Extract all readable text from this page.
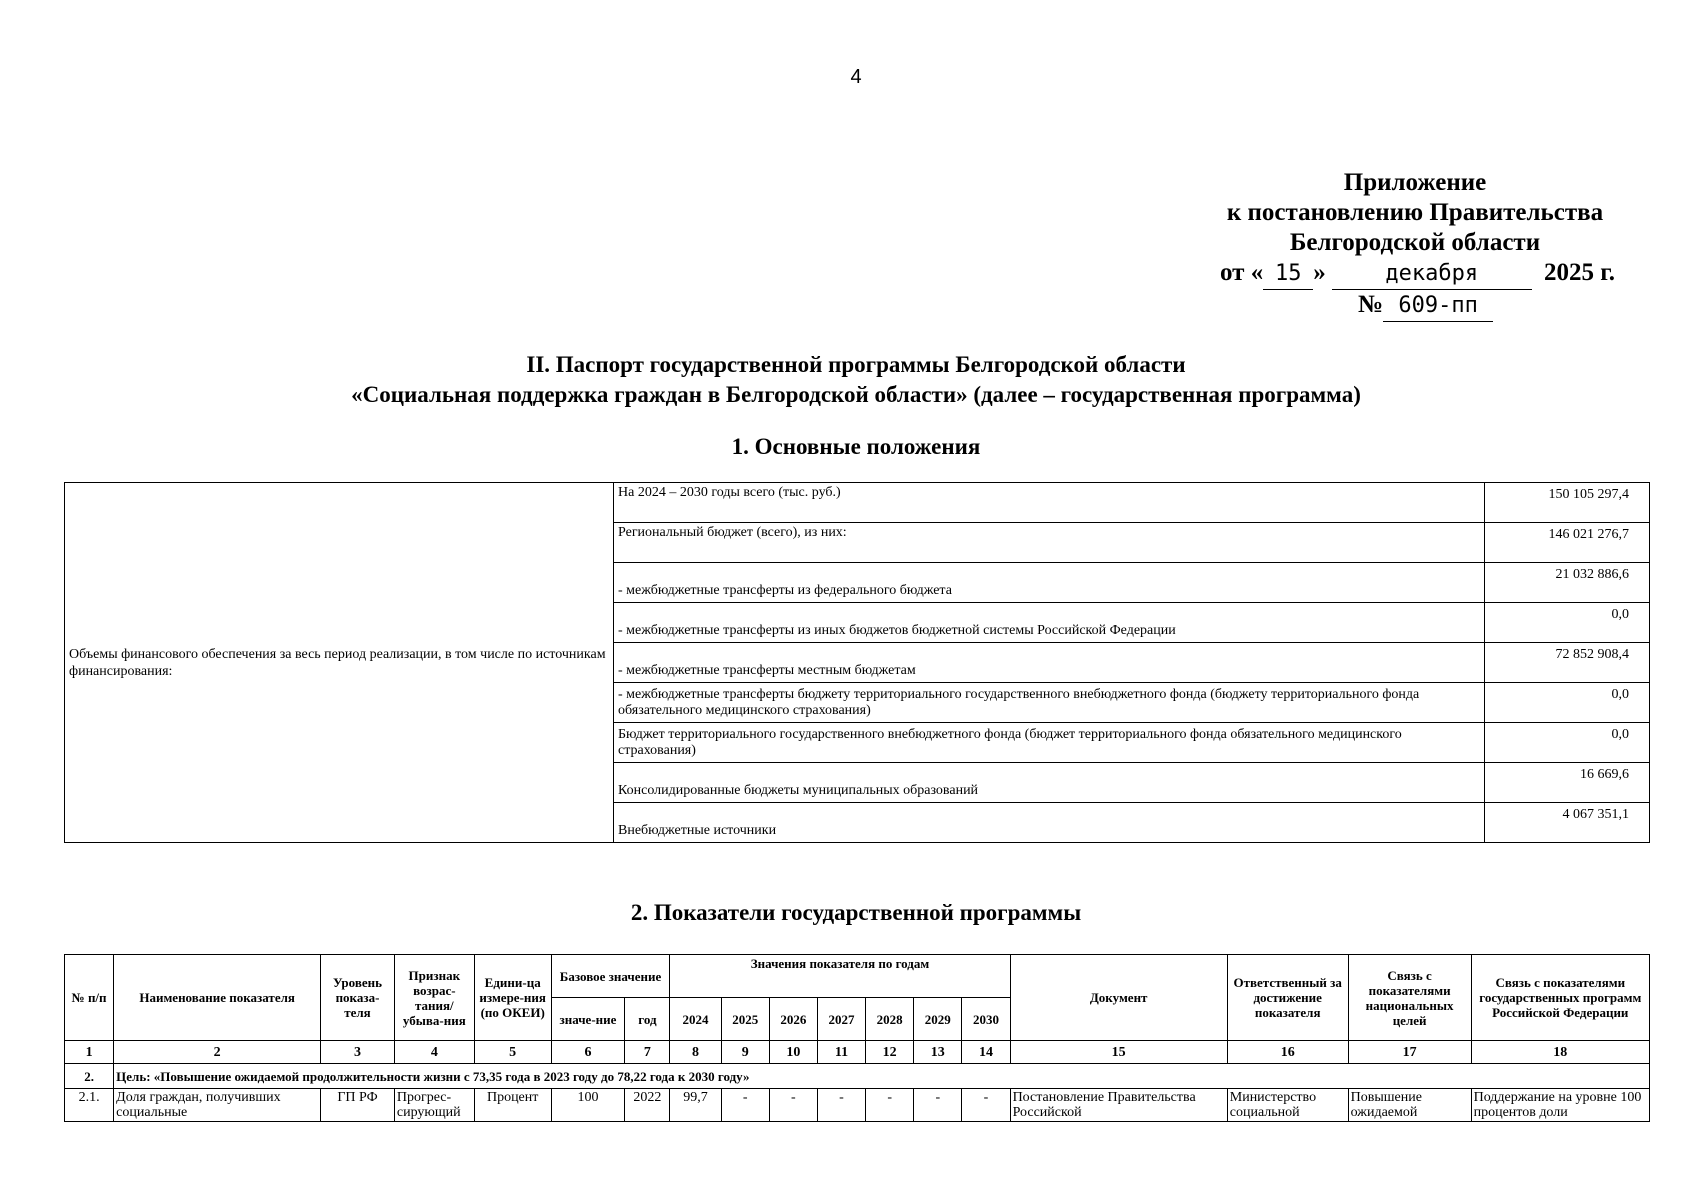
4
Приложение
к постановлению Правительства
Белгородской области
от « 15 »	декабря	2025 г.
№ 609-пп
II. Паспорт государственной программы Белгородской области
«Социальная поддержка граждан в Белгородской области» (далее – государственная программа)
1. Основные положения
Объемы финансового обеспечения за весь период реализации, в том числе по источникам финансирования:	На 2024 – 2030 годы всего (тыс. руб.)	150 105 297,4

	Региональный бюджет (всего), из них:	146 021 276,7

	- межбюджетные трансферты из федерального бюджета	21 032 886,6

	- межбюджетные трансферты из иных бюджетов бюджетной системы Российской Федерации	0,0

	- межбюджетные трансферты местным бюджетам	72 852 908,4

	- межбюджетные трансферты бюджету территориального государственного внебюджетного фонда (бюджету территориального фонда обязательного медицинского страхования)	0,0

	Бюджет территориального государственного внебюджетного фонда (бюджет территориального фонда обязательного медицинского страхования)	0,0

	Консолидированные бюджеты муниципальных образований	16 669,6

	Внебюджетные источники	4 067 351,1
2. Показатели государственной программы
№ п/п	Наименование показателя	Уровень показа-теля	Признак возрас-тания/ убыва-ния	Едини-ца измере-ния (по ОКЕИ)	Базовое значение		Значения показателя по годам							Документ	Ответственный за достижение показателя	Связь с показателями национальных целей	Связь с показателями государственных программ Российской Федерации
					значе-ние	год	2024	2025	2026	2027	2028	2029	2030				
1	2	3	4	5	6	7	8	9	10	11	12	13	14	15	16	17	18
2.	Цель: «Повышение ожидаемой продолжительности жизни с 73,35 года в 2023 году до 78,22 года к 2030 году»																
2.1.	Доля граждан, получивших социальные	ГП РФ	Прогрес-сирующий	Процент	100	2022	99,7	-	-	-	-	-	-	Постановление Правительства Российской	Министерство социальной	Повышение ожидаемой	Поддержание на уровне 100 процентов доли
